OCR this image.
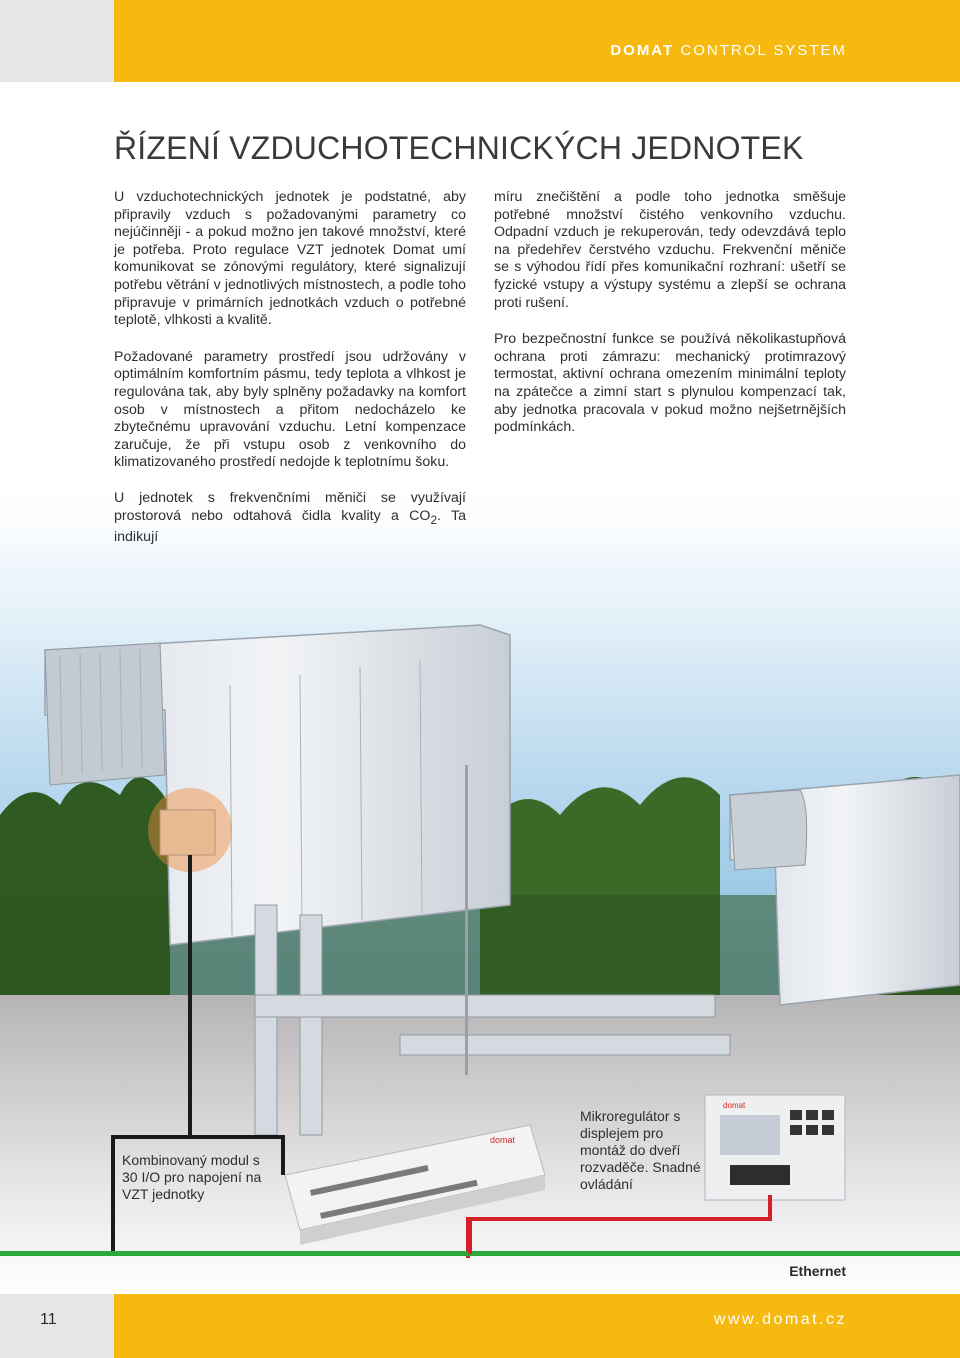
DOMAT CONTROL SYSTEM
ŘÍZENÍ VZDUCHOTECHNICKÝCH JEDNOTEK

U vzduchotechnických jednotek je podstatné, aby připravily vzduch s požadovanými parametry co nejúčinněji - a pokud možno jen takové množství, které je potřeba. Proto regulace VZT jednotek Domat umí komunikovat se zónovými regulátory, které signalizují potřebu větrání v jednotlivých místnostech, a podle toho připravuje v primárních jednotkách vzduch o potřebné teplotě, vlhkosti a kvalitě.

Požadované parametry prostředí jsou udržovány v optimálním komfortním pásmu, tedy teplota a vlhkost je regulována tak, aby byly splněny požadavky na komfort osob v místnostech a přitom nedocházelo ke zbytečnému upravování vzduchu. Letní kompenzace zaručuje, že při vstupu osob z venkovního do klimatizovaného prostředí nedojde k teplotnímu šoku.

míru znečištění a podle toho jednotka směšuje potřebné množství čistého venkovního vzduchu. Odpadní vzduch je rekuperován, tedy odevzdává teplo na předehřev čerstvého vzduchu. Frekvenční měniče se s výhodou řídí přes komunikační rozhraní: ušetří se fyzické vstupy a výstupy systému a zlepší se ochrana proti rušení.

Pro bezpečnostní funkce se používá několikastupňová ochrana proti zámrazu: mechanický protimrazový termostat, aktivní ochrana omezením minimální teploty na zpátečce a zimní start s plynulou kompenzací tak, aby jednotka pracovala v pokud možno nejšetrnějších podmínkách.

domat
domat

U jednotek s frekvenčními měniči se využívají prostorová nebo odtahová čidla kvality a $CO_2$. Ta indikují

Kombinovaný modul s 30 I/O pro napojení na VZT jednotky
Mikroregulátor s displejem pro montáž do dveří rozvaděče. Snadné ovládání
Ethernet
11	www.domat.cz
